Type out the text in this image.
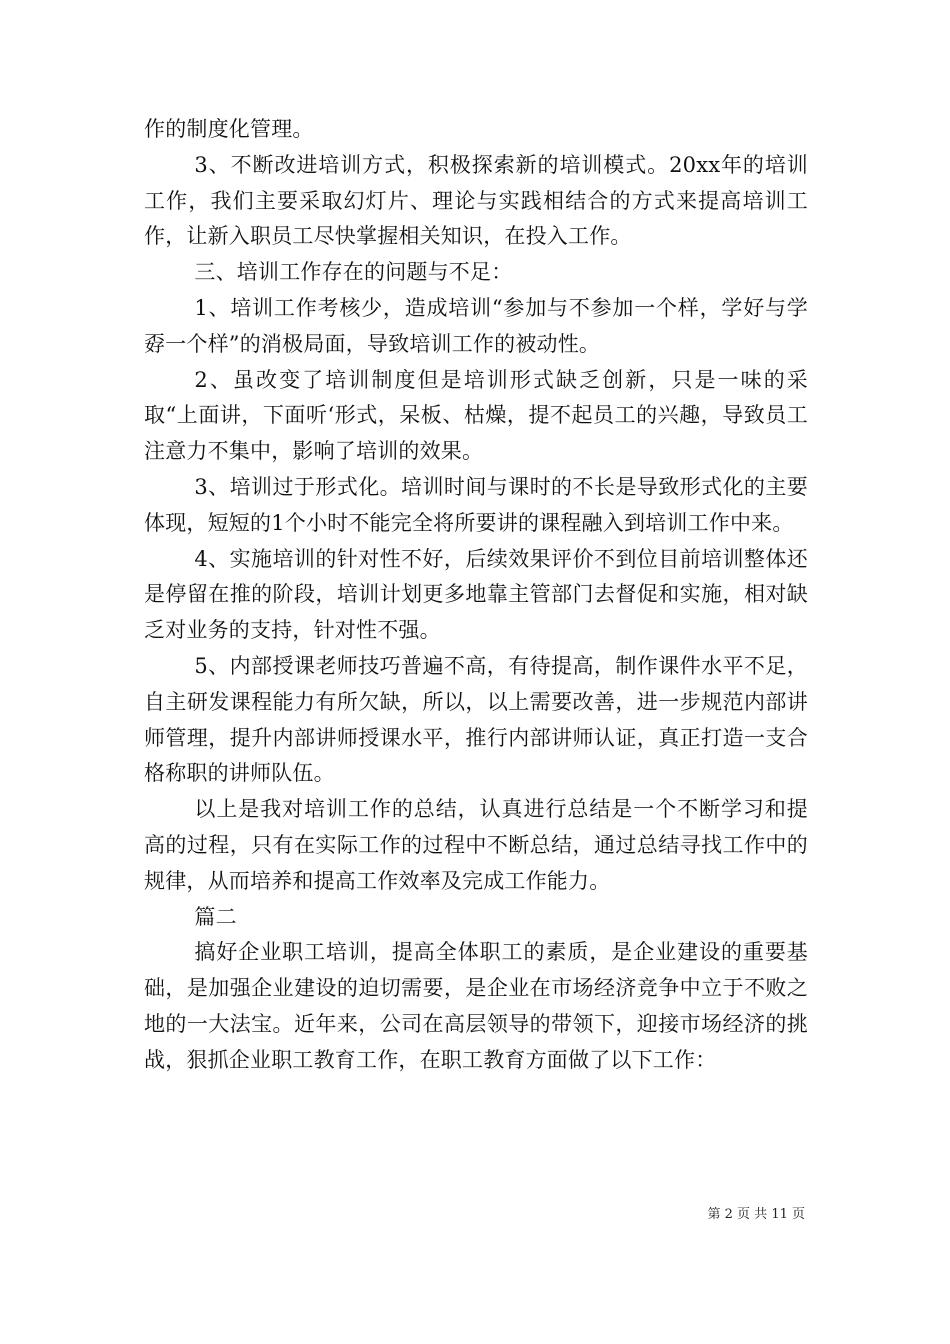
作的制度化管理。

3、不断改进培训方式，积极探索新的培训模式。20xx年的培训工作，我们主要采取幻灯片、理论与实践相结合的方式来提高培训工作，让新入职员工尽快掌握相关知识，在投入工作。

三、培训工作存在的问题与不足：

1、培训工作考核少，造成培训“参加与不参加一个样，学好与学孬一个样”的消极局面，导致培训工作的被动性。

2、虽改变了培训制度但是培训形式缺乏创新，只是一味的采取“上面讲，下面听‘形式，呆板、枯燥，提不起员工的兴趣，导致员工注意力不集中，影响了培训的效果。

3、培训过于形式化。培训时间与课时的不长是导致形式化的主要体现，短短的1个小时不能完全将所要讲的课程融入到培训工作中来。

4、实施培训的针对性不好，后续效果评价不到位目前培训整体还是停留在推的阶段，培训计划更多地靠主管部门去督促和实施，相对缺乏对业务的支持，针对性不强。

5、内部授课老师技巧普遍不高，有待提高，制作课件水平不足，自主研发课程能力有所欠缺，所以，以上需要改善，进一步规范内部讲师管理，提升内部讲师授课水平，推行内部讲师认证，真正打造一支合格称职的讲师队伍。

以上是我对培训工作的总结，认真进行总结是一个不断学习和提高的过程，只有在实际工作的过程中不断总结，通过总结寻找工作中的规律，从而培养和提高工作效率及完成工作能力。

篇二

搞好企业职工培训，提高全体职工的素质，是企业建设的重要基础，是加强企业建设的迫切需要，是企业在市场经济竞争中立于不败之地的一大法宝。近年来，公司在高层领导的带领下，迎接市场经济的挑战，狠抓企业职工教育工作，在职工教育方面做了以下工作：

第 2 页 共 11 页
